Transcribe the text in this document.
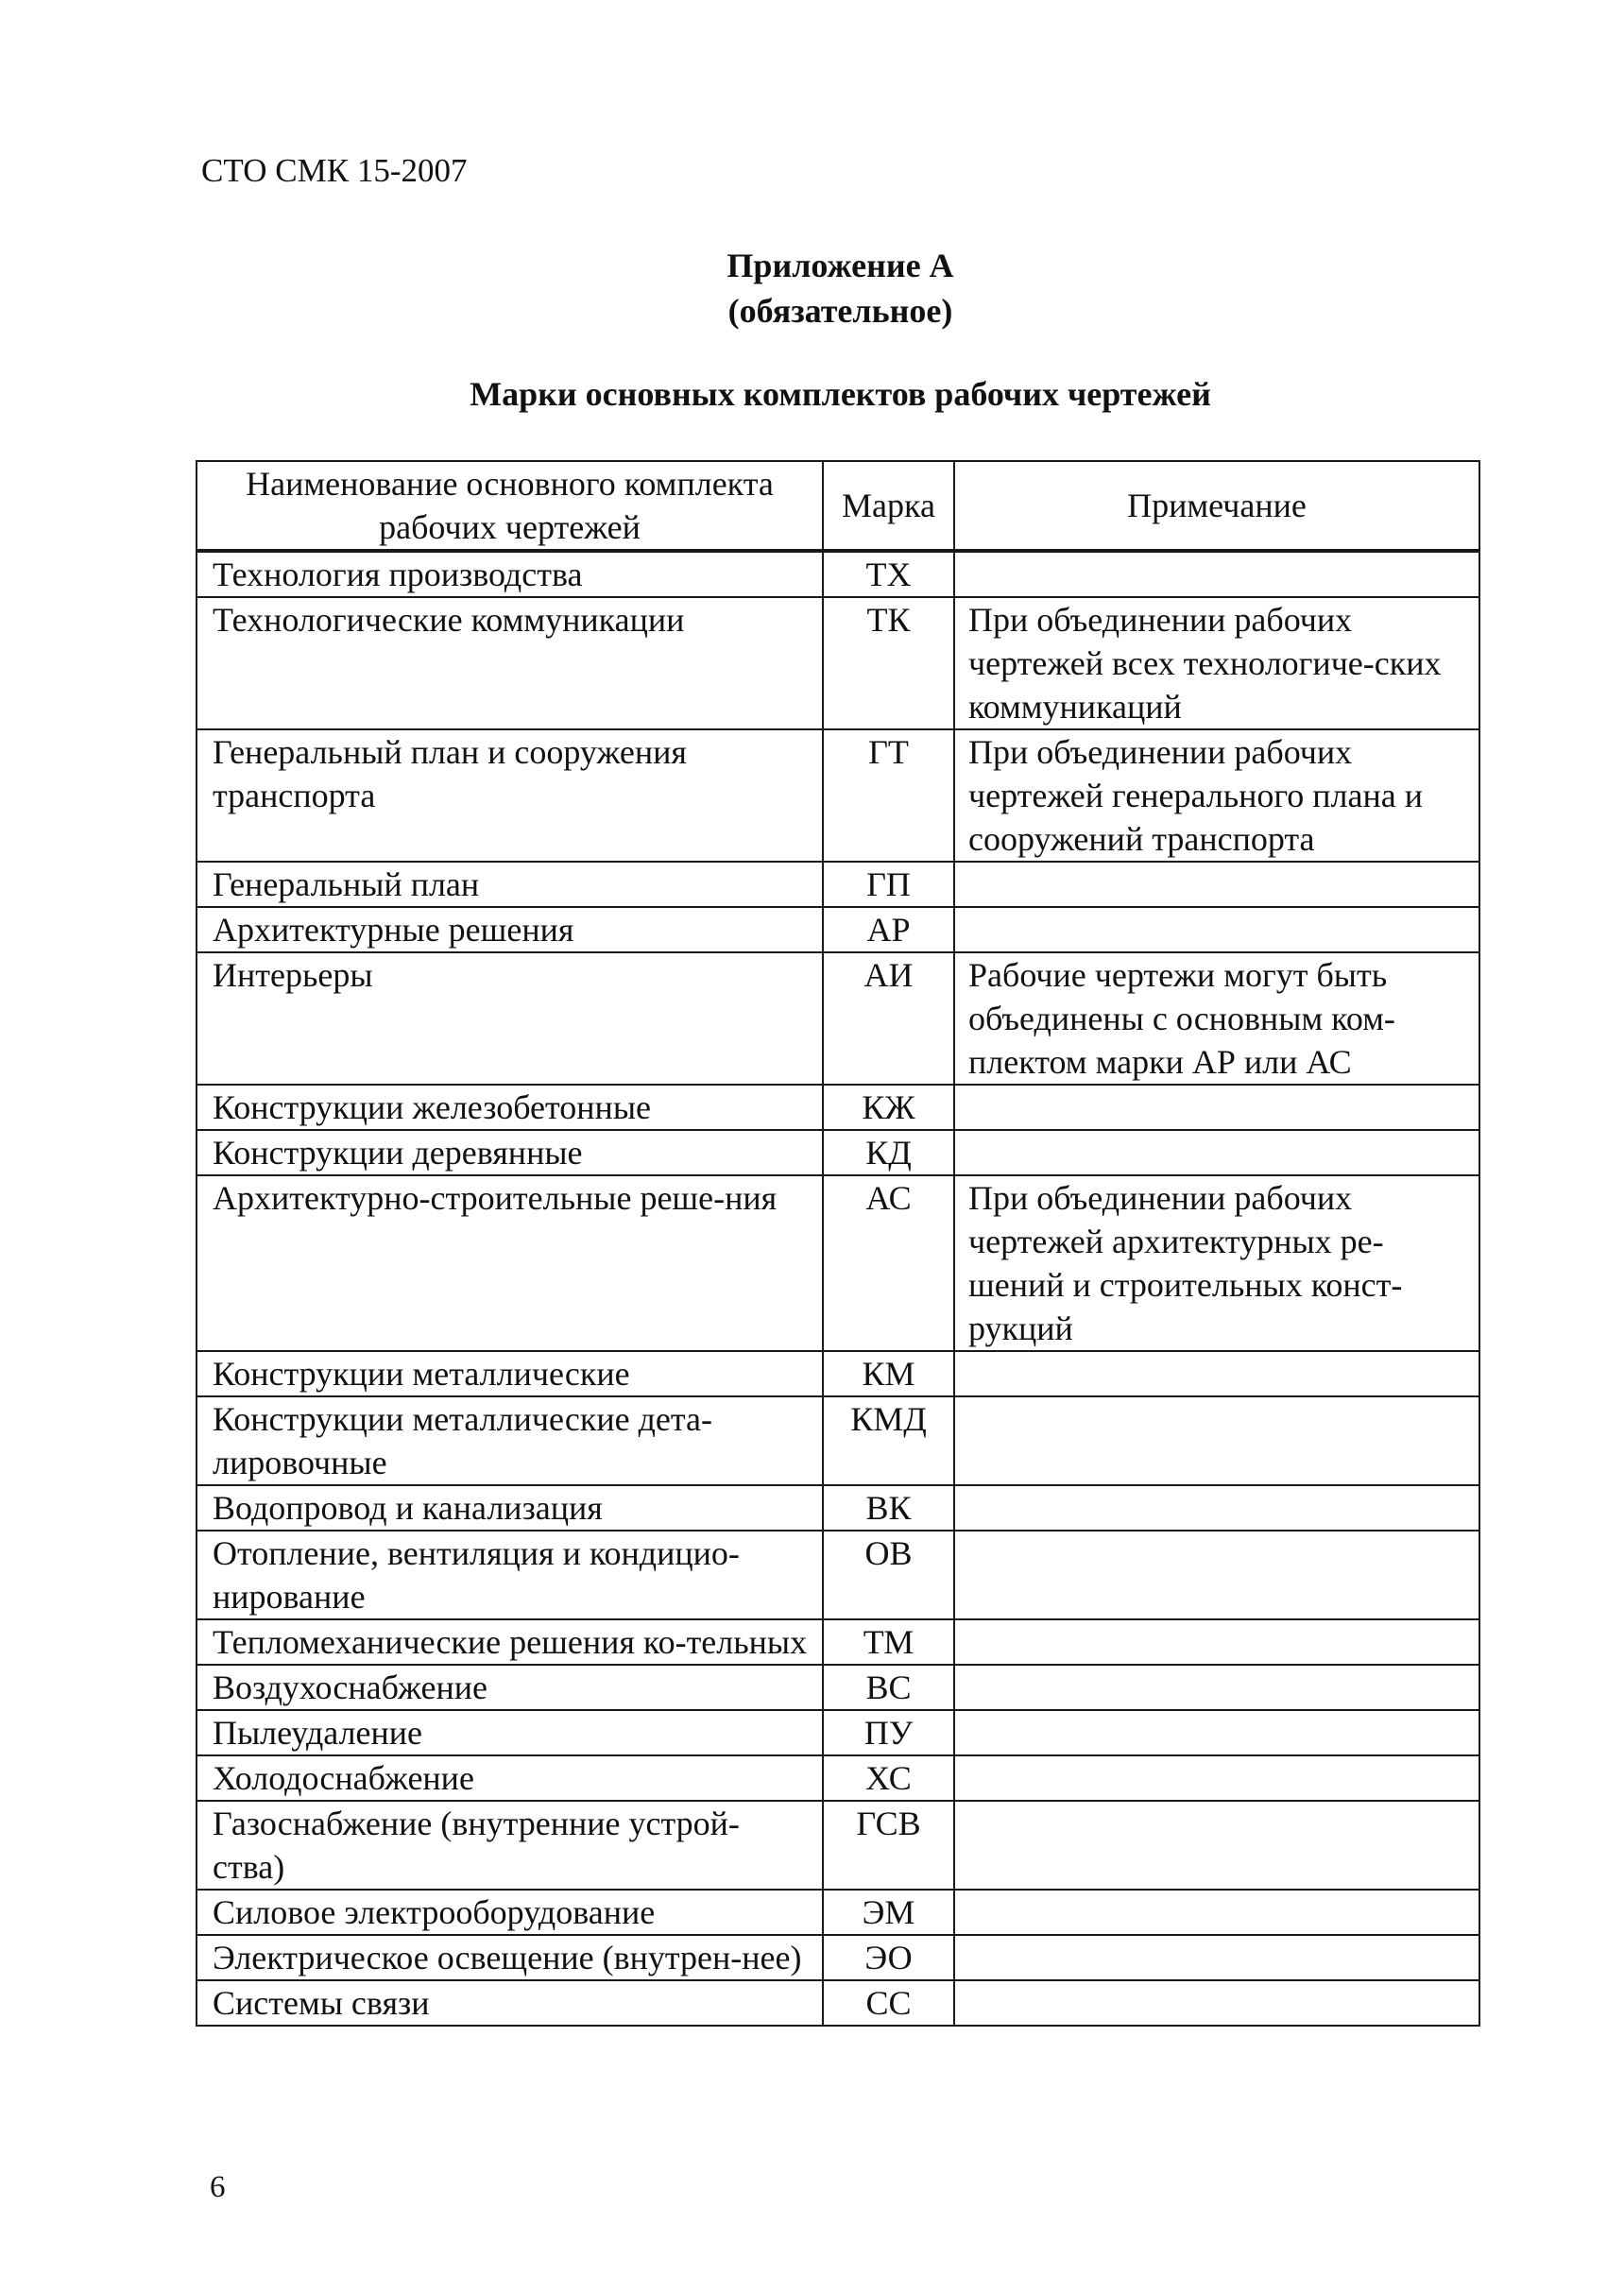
СТО СМК 15-2007
Приложение А
(обязательное)
Марки основных комплектов рабочих чертежей
Наименование основного комплекта рабочих чертежей	Марка	Примечание
Технология производства	ТХ	
Технологические коммуникации	ТК	При объединении рабочих чертежей всех технологиче-ских коммуникаций
Генеральный план и сооружения транспорта	ГТ	При объединении рабочих чертежей генерального плана и сооружений транспорта
Генеральный план	ГП	
Архитектурные решения	АР	
Интерьеры	АИ	Рабочие чертежи могут быть объединены с основным ком-плектом марки АР или АС
Конструкции железобетонные	КЖ	
Конструкции деревянные	КД	
Архитектурно-строительные реше-ния	АС	При объединении рабочих чертежей архитектурных ре-шений и строительных конст-рукций
Конструкции металлические	КМ	
Конструкции металлические дета-лировочные	КМД	
Водопровод и канализация	ВК	
Отопление, вентиляция и кондицио-нирование	ОВ	
Тепломеханические решения ко-тельных	ТМ	
Воздухоснабжение	ВС	
Пылеудаление	ПУ	
Холодоснабжение	ХС	
Газоснабжение (внутренние устрой-ства)	ГСВ	
Силовое электрооборудование	ЭМ	
Электрическое освещение (внутрен-нее)	ЭО	
Системы связи	СС	
6
